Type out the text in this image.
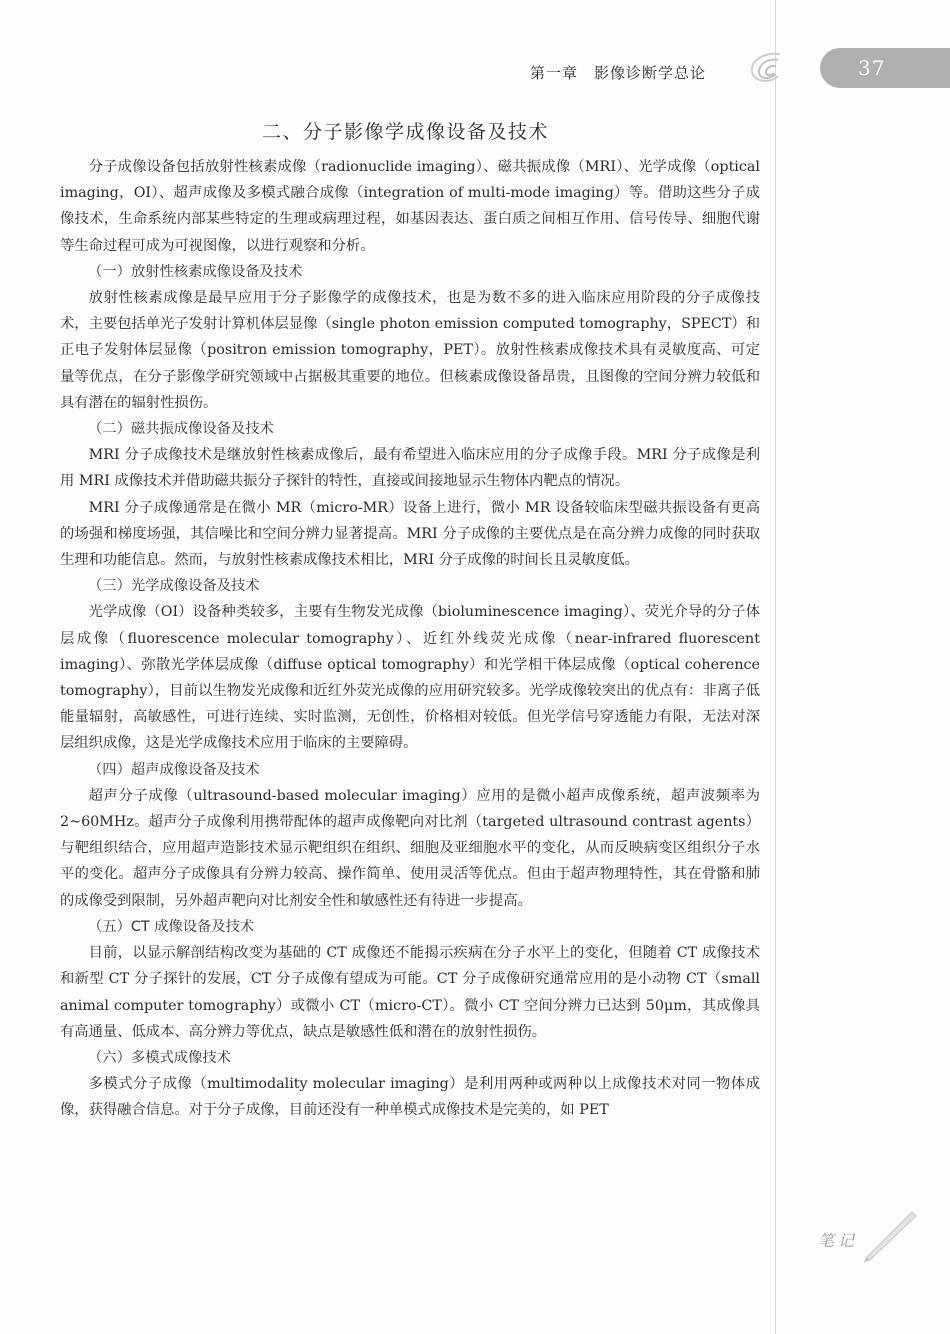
第一章　影像诊断学总论	37
二、分子影像学成像设备及技术

分子成像设备包括放射性核素成像（radionuclide imaging）、磁共振成像（MRI）、光学成像（optical imaging，OI）、超声成像及多模式融合成像（integration of multi-mode imaging）等。借助这些分子成像技术，生命系统内部某些特定的生理或病理过程，如基因表达、蛋白质之间相互作用、信号传导、细胞代谢等生命过程可成为可视图像，以进行观察和分析。

（一）放射性核素成像设备及技术

放射性核素成像是最早应用于分子影像学的成像技术，也是为数不多的进入临床应用阶段的分子成像技术，主要包括单光子发射计算机体层显像（single photon emission computed tomography，SPECT）和正电子发射体层显像（positron emission tomography，PET）。放射性核素成像技术具有灵敏度高、可定量等优点，在分子影像学研究领域中占据极其重要的地位。但核素成像设备昂贵，且图像的空间分辨力较低和具有潜在的辐射性损伤。

（二）磁共振成像设备及技术

MRI 分子成像技术是继放射性核素成像后，最有希望进入临床应用的分子成像手段。MRI 分子成像是利用 MRI 成像技术并借助磁共振分子探针的特性，直接或间接地显示生物体内靶点的情况。

MRI 分子成像通常是在微小 MR（micro-MR）设备上进行，微小 MR 设备较临床型磁共振设备有更高的场强和梯度场强，其信噪比和空间分辨力显著提高。MRI 分子成像的主要优点是在高分辨力成像的同时获取生理和功能信息。然而，与放射性核素成像技术相比，MRI 分子成像的时间长且灵敏度低。

（三）光学成像设备及技术

光学成像（OI）设备种类较多，主要有生物发光成像（bioluminescence imaging）、荧光介导的分子体层成像（fluorescence molecular tomography）、近红外线荧光成像（near-infrared fluorescent imaging）、弥散光学体层成像（diffuse optical tomography）和光学相干体层成像（optical coherence tomography），目前以生物发光成像和近红外荧光成像的应用研究较多。光学成像较突出的优点有：非离子低能量辐射，高敏感性，可进行连续、实时监测，无创性，价格相对较低。但光学信号穿透能力有限，无法对深层组织成像，这是光学成像技术应用于临床的主要障碍。

（四）超声成像设备及技术

超声分子成像（ultrasound-based molecular imaging）应用的是微小超声成像系统，超声波频率为 2~60MHz。超声分子成像利用携带配体的超声成像靶向对比剂（targeted ultrasound contrast agents）与靶组织结合，应用超声造影技术显示靶组织在组织、细胞及亚细胞水平的变化，从而反映病变区组织分子水平的变化。超声分子成像具有分辨力较高、操作简单、使用灵活等优点。但由于超声物理特性，其在骨骼和肺的成像受到限制，另外超声靶向对比剂安全性和敏感性还有待进一步提高。

（五）CT 成像设备及技术

目前，以显示解剖结构改变为基础的 CT 成像还不能揭示疾病在分子水平上的变化，但随着 CT 成像技术和新型 CT 分子探针的发展，CT 分子成像有望成为可能。CT 分子成像研究通常应用的是小动物 CT（small animal computer tomography）或微小 CT（micro-CT）。微小 CT 空间分辨力已达到 50μm，其成像具有高通量、低成本、高分辨力等优点，缺点是敏感性低和潜在的放射性损伤。

（六）多模式成像技术

多模式分子成像（multimodality molecular imaging）是利用两种或两种以上成像技术对同一物体成像，获得融合信息。对于分子成像，目前还没有一种单模式成像技术是完美的，如 PET

笔记
